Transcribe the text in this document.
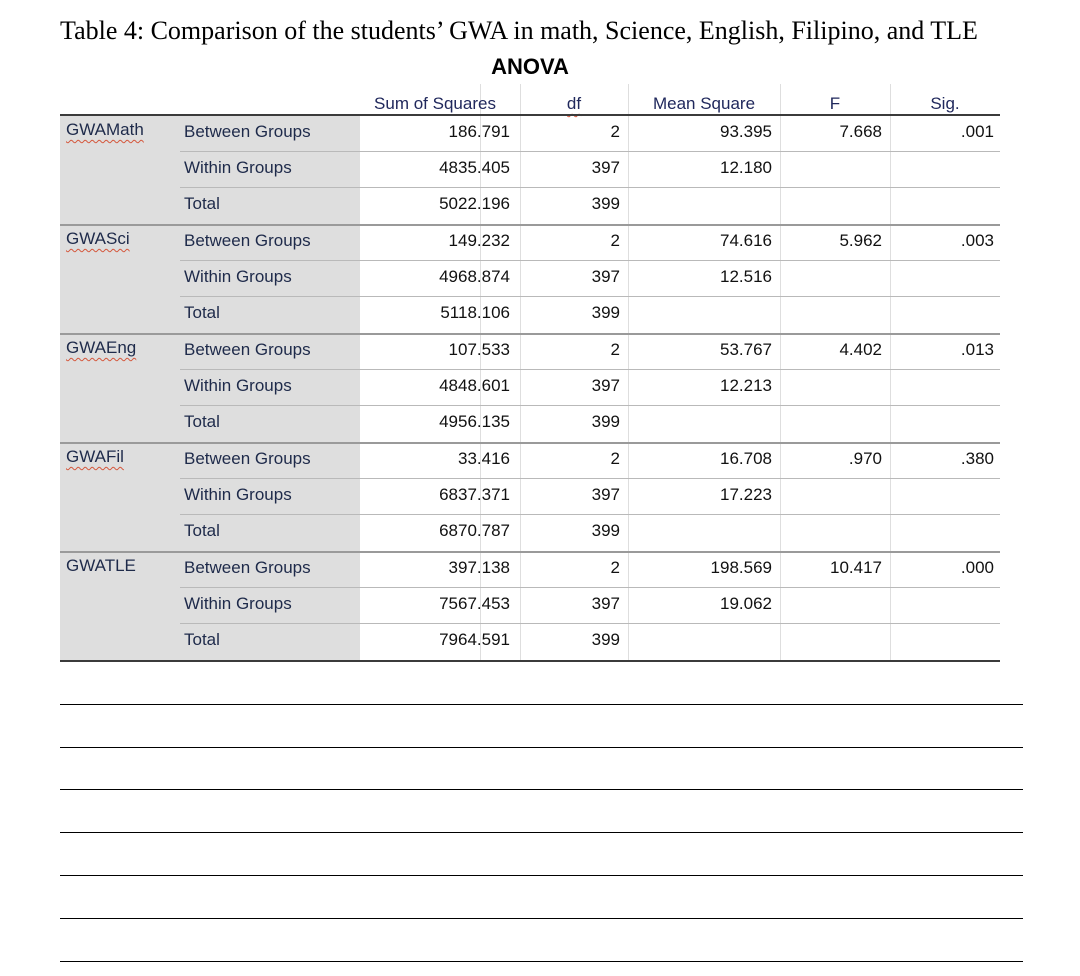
Table 4: Comparison of the students’ GWA in math, Science, English, Filipino, and TLE
ANOVA
Sum of Squares	df	Mean Square	F	Sig.
GWAMath Between Groups	186.791	2	93.395	7.668	.001
Within Groups	4835.405	397	12.180
Total	5022.196	399
GWASci	Between Groups	149.232	2	74.616	5.962	.003
Within Groups	4968.874	397	12.516
Total	5118.106	399
GWAEng	Between Groups	107.533	2	53.767	4.402	.013
Within Groups	4848.601	397	12.213
Total	4956.135	399
GWAFil	Between Groups	33.416	2	16.708	.970	.380
Within Groups	6837.371	397	17.223
Total	6870.787	399
GWATLE	Between Groups	397.138	2	198.569	10.417	.000
Within Groups	7567.453	397	19.062
Total	7964.591	399
